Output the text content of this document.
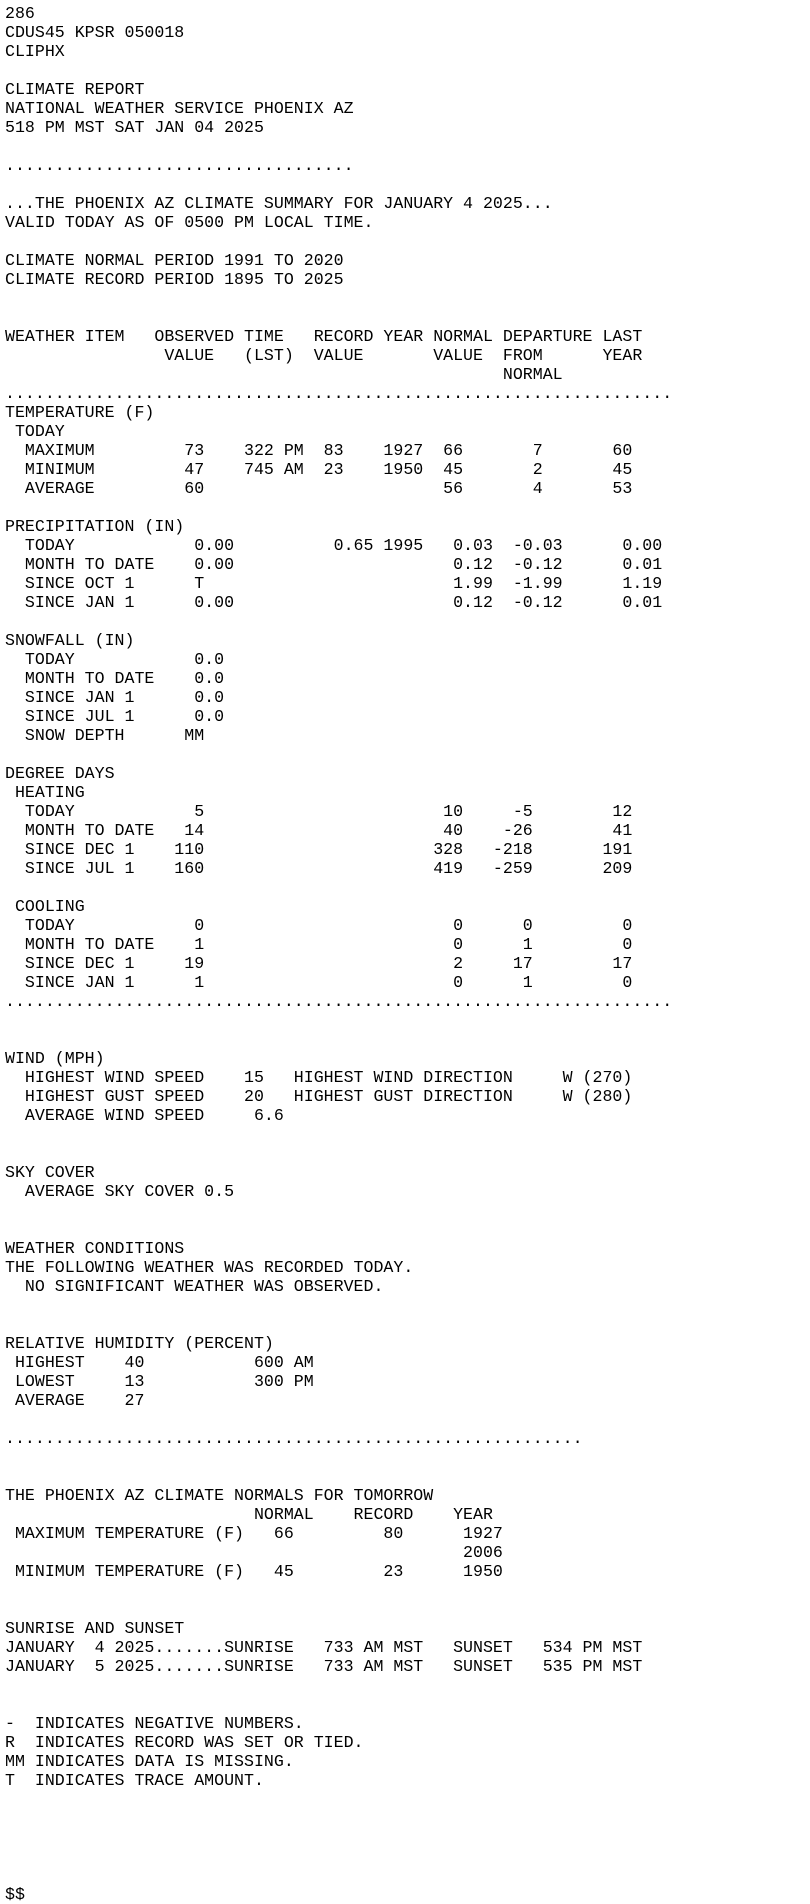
286
CDUS45 KPSR 050018
CLIPHX
CLIMATE REPORT
NATIONAL WEATHER SERVICE PHOENIX AZ
518 PM MST SAT JAN 04 2025
...................................
...THE PHOENIX AZ CLIMATE SUMMARY FOR JANUARY 4 2025...
VALID TODAY AS OF 0500 PM LOCAL TIME.
CLIMATE NORMAL PERIOD 1991 TO 2020
CLIMATE RECORD PERIOD 1895 TO 2025
WEATHER ITEM   OBSERVED TIME   RECORD YEAR NORMAL DEPARTURE LAST
VALUE   (LST)  VALUE       VALUE  FROM      YEAR
NORMAL
...................................................................
TEMPERATURE (F)
TODAY
MAXIMUM         73    322 PM  83    1927  66       7       60
MINIMUM         47    745 AM  23    1950  45       2       45
AVERAGE         60                        56       4       53
PRECIPITATION (IN)
TODAY            0.00          0.65 1995   0.03  -0.03      0.00
MONTH TO DATE    0.00                      0.12  -0.12      0.01
SINCE OCT 1      T                         1.99  -1.99      1.19
SINCE JAN 1      0.00                      0.12  -0.12      0.01
SNOWFALL (IN)
TODAY            0.0
MONTH TO DATE    0.0
SINCE JAN 1      0.0
SINCE JUL 1      0.0
SNOW DEPTH      MM
DEGREE DAYS
HEATING
TODAY            5                        10     -5        12
MONTH TO DATE   14                        40    -26        41
SINCE DEC 1    110                       328   -218       191
SINCE JUL 1    160                       419   -259       209
COOLING
TODAY            0                         0      0         0
MONTH TO DATE    1                         0      1         0
SINCE DEC 1     19                         2     17        17
SINCE JAN 1      1                         0      1         0
...................................................................
WIND (MPH)
HIGHEST WIND SPEED    15   HIGHEST WIND DIRECTION     W (270)
HIGHEST GUST SPEED    20   HIGHEST GUST DIRECTION     W (280)
AVERAGE WIND SPEED     6.6
SKY COVER
AVERAGE SKY COVER 0.5
WEATHER CONDITIONS
THE FOLLOWING WEATHER WAS RECORDED TODAY.
NO SIGNIFICANT WEATHER WAS OBSERVED.
RELATIVE HUMIDITY (PERCENT)
HIGHEST    40           600 AM
LOWEST     13           300 PM
AVERAGE    27
..........................................................
THE PHOENIX AZ CLIMATE NORMALS FOR TOMORROW
NORMAL    RECORD    YEAR
MAXIMUM TEMPERATURE (F)   66         80      1927
2006
MINIMUM TEMPERATURE (F)   45         23      1950
SUNRISE AND SUNSET
JANUARY  4 2025.......SUNRISE   733 AM MST   SUNSET   534 PM MST
JANUARY  5 2025.......SUNRISE   733 AM MST   SUNSET   535 PM MST
-  INDICATES NEGATIVE NUMBERS.
R  INDICATES RECORD WAS SET OR TIED.
MM INDICATES DATA IS MISSING.
T  INDICATES TRACE AMOUNT.
$$
